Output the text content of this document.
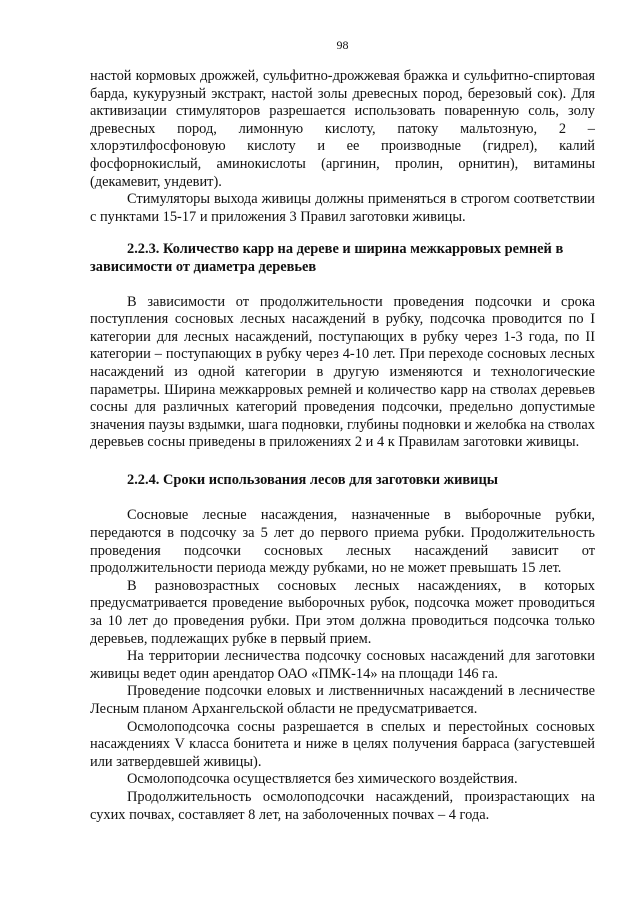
98

настой кормовых дрожжей, сульфитно-дрожжевая бражка и сульфитно-спиртовая барда, кукурузный экстракт, настой золы древесных пород, березовый сок). Для активизации стимуляторов разрешается использовать поваренную соль, золу древесных пород, лимонную кислоту, патоку мальтозную, 2 – хлорэтилфосфоновую кислоту и ее производные (гидрел), калий фосфорнокислый, аминокислоты (аргинин, пролин, орнитин), витамины (декамевит, ундевит).

Стимуляторы выхода живицы должны применяться в строгом соответствии с пунктами 15-17 и приложения 3 Правил заготовки живицы.

2.2.3. Количество карр на дереве и ширина межкарровых ремней в зависимости от диаметра деревьев

В зависимости от продолжительности проведения подсочки и срока поступления сосновых лесных насаждений в рубку, подсочка проводится по I категории для лесных насаждений, поступающих в рубку через 1-3 года, по II категории – поступающих в рубку через 4-10 лет. При переходе сосновых лесных насаждений из одной категории в другую изменяются и технологические параметры. Ширина межкарровых ремней и количество карр на стволах деревьев сосны для различных категорий проведения подсочки, предельно допустимые значения паузы вздымки, шага подновки, глубины подновки и желобка на стволах деревьев сосны приведены в приложениях 2 и 4 к Правилам заготовки живицы.

2.2.4. Сроки использования лесов для заготовки живицы

Сосновые лесные насаждения, назначенные в выборочные рубки, передаются в подсочку за 5 лет до первого приема рубки. Продолжительность проведения подсочки сосновых лесных насаждений зависит от продолжительности периода между рубками, но не может превышать 15 лет.

В разновозрастных сосновых лесных насаждениях, в которых предусматривается проведение выборочных рубок, подсочка может проводиться за 10 лет до проведения рубки. При этом должна проводиться подсочка только деревьев, подлежащих рубке в первый прием.

На территории лесничества подсочку сосновых насаждений для заготовки живицы ведет один арендатор ОАО «ПМК-14» на площади 146 га.

Проведение подсочки еловых и лиственничных насаждений в лесничестве Лесным планом Архангельской области не предусматривается.

Осмолоподсочка сосны разрешается в спелых и перестойных сосновых насаждениях V класса бонитета и ниже в целях получения барраса (загустевшей или затвердевшей живицы).

Осмолоподсочка осуществляется без химического воздействия.

Продолжительность осмолоподсочки насаждений, произрастающих на сухих почвах, составляет 8 лет, на заболоченных почвах – 4 года.
